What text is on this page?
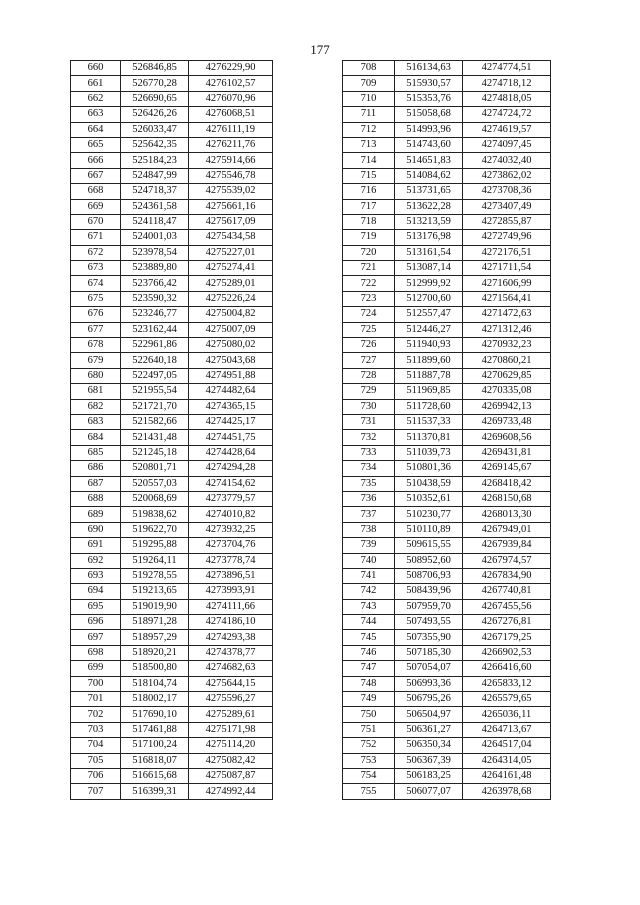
177
660	526846,85	4276229,90
661	526770,28	4276102,57
662	526690,65	4276070,96
663	526426,26	4276068,51
664	526033,47	4276111,19
665	525642,35	4276211,76
666	525184,23	4275914,66
667	524847,99	4275546,78
668	524718,37	4275539,02
669	524361,58	4275661,16
670	524118,47	4275617,09
671	524001,03	4275434,58
672	523978,54	4275227,01
673	523889,80	4275274,41
674	523766,42	4275289,01
675	523590,32	4275226,24
676	523246,77	4275004,82
677	523162,44	4275007,09
678	522961,86	4275080,02
679	522640,18	4275043,68
680	522497,05	4274951,88
681	521955,54	4274482,64
682	521721,70	4274365,15
683	521582,66	4274425,17
684	521431,48	4274451,75
685	521245,18	4274428,64
686	520801,71	4274294,28
687	520557,03	4274154,62
688	520068,69	4273779,57
689	519838,62	4274010,82
690	519622,70	4273932,25
691	519295,88	4273704,76
692	519264,11	4273778,74
693	519278,55	4273896,51
694	519213,65	4273993,91
695	519019,90	4274111,66
696	518971,28	4274186,10
697	518957,29	4274293,38
698	518920,21	4274378,77
699	518500,80	4274682,63
700	518104,74	4275644,15
701	518002,17	4275596,27
702	517690,10	4275289,61
703	517461,88	4275171,98
704	517100,24	4275114,20
705	516818,07	4275082,42
706	516615,68	4275087,87
707	516399,31	4274992,44
708	516134,63	4274774,51
709	515930,57	4274718,12
710	515353,76	4274818,05
711	515058,68	4274724,72
712	514993,96	4274619,57
713	514743,60	4274097,45
714	514651,83	4274032,40
715	514084,62	4273862,02
716	513731,65	4273708,36
717	513622,28	4273407,49
718	513213,59	4272855,87
719	513176,98	4272749,96
720	513161,54	4272176,51
721	513087,14	4271711,54
722	512999,92	4271606,99
723	512700,60	4271564,41
724	512557,47	4271472,63
725	512446,27	4271312,46
726	511940,93	4270932,23
727	511899,60	4270860,21
728	511887,78	4270629,85
729	511969,85	4270335,08
730	511728,60	4269942,13
731	511537,33	4269733,48
732	511370,81	4269608,56
733	511039,73	4269431,81
734	510801,36	4269145,67
735	510438,59	4268418,42
736	510352,61	4268150,68
737	510230,77	4268013,30
738	510110,89	4267949,01
739	509615,55	4267939,84
740	508952,60	4267974,57
741	508706,93	4267834,90
742	508439,96	4267740,81
743	507959,70	4267455,56
744	507493,55	4267276,81
745	507355,90	4267179,25
746	507185,30	4266902,53
747	507054,07	4266416,60
748	506993,36	4265833,12
749	506795,26	4265579,65
750	506504,97	4265036,11
751	506361,27	4264713,67
752	506350,34	4264517,04
753	506367,39	4264314,05
754	506183,25	4264161,48
755	506077,07	4263978,68
